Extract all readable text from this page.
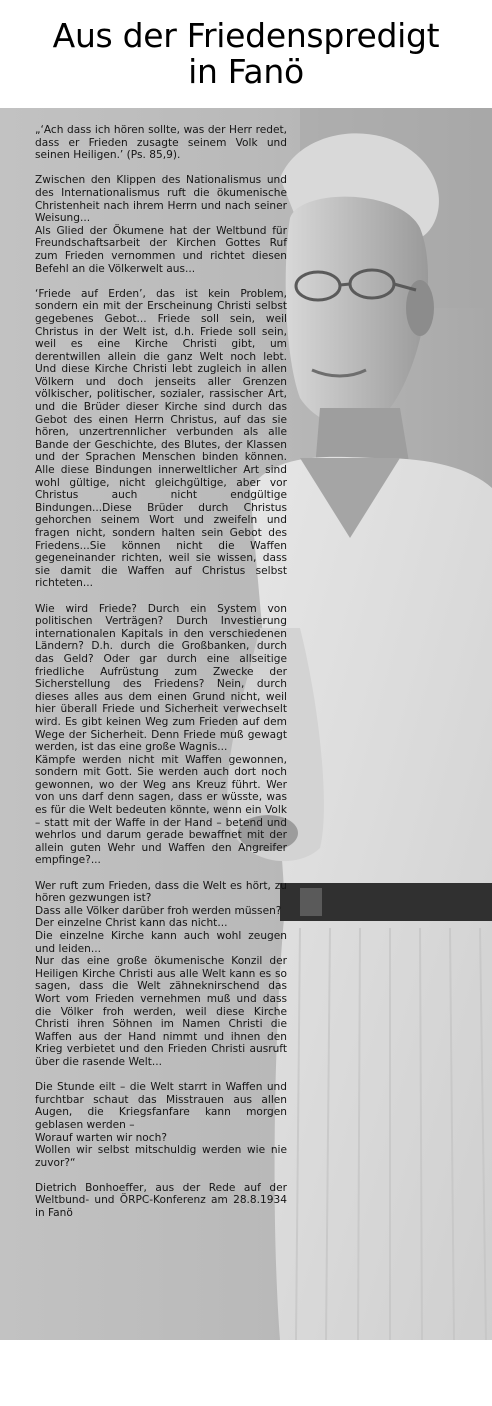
Aus der Friedenspredigt
in Fanö

„‘Ach dass ich hören sollte, was der Herr redet, dass er Frieden zusagte seinem Volk und seinen Heiligen.’ (Ps. 85,9).

Zwischen den Klippen des Nationalismus und des Internationalismus ruft die ökumenische Christenheit nach ihrem Herrn und nach seiner Weisung...
Als Glied der Ökumene hat der Weltbund für Freundschaftsarbeit der Kirchen Gottes Ruf zum Frieden vernommen und richtet diesen Befehl an die Völkerwelt aus...

‘Friede auf Erden’, das ist kein Problem, sondern ein mit der Erscheinung Christi selbst gegebenes Gebot... Friede soll sein, weil Christus in der Welt ist, d.h. Friede soll sein, weil es eine Kirche Christi gibt, um derentwillen allein die ganz Welt noch lebt. Und diese Kirche Christi lebt zugleich in allen Völkern und doch jenseits aller Grenzen völkischer, politischer, sozialer, rassischer Art, und die Brüder dieser Kirche sind durch das Gebot des einen Herrn Christus, auf das sie hören, unzertrennlicher verbunden als alle Bande der Geschichte, des Blutes, der Klassen und der Sprachen Menschen binden können. Alle diese Bindungen innerweltlicher Art sind wohl gültige, nicht gleichgültige, aber vor Christus auch nicht endgültige Bindungen...Diese Brüder durch Christus gehorchen seinem Wort und zweifeln und fragen nicht, sondern halten sein Gebot des Friedens...Sie können nicht die Waffen gegeneinander richten, weil sie wissen, dass sie damit die Waffen auf Christus selbst richteten...

Wie wird Friede? Durch ein System von politischen Verträgen? Durch Investierung internationalen Kapitals in den verschiedenen Ländern? D.h. durch die Großbanken, durch das Geld? Oder gar durch eine allseitige friedliche Aufrüstung zum Zwecke der Sicherstellung des Friedens? Nein, durch dieses alles aus dem einen Grund nicht, weil hier überall Friede und Sicherheit verwechselt wird. Es gibt keinen Weg zum Frieden auf dem Wege der Sicherheit. Denn Friede muß gewagt werden, ist das eine große Wagnis...
Kämpfe werden nicht mit Waffen gewonnen, sondern mit Gott. Sie werden auch dort noch gewonnen, wo der Weg ans Kreuz führt. Wer von uns darf denn sagen, dass er wüsste, was es für die Welt bedeuten könnte, wenn ein Volk – statt mit der Waffe in der Hand – betend und wehrlos und darum gerade bewaffnet mit der allein guten Wehr und Waffen den Angreifer empfinge?...

Wer ruft zum Frieden, dass die Welt es hört, zu hören gezwungen ist?
Dass alle Völker darüber froh werden müssen?
Der einzelne Christ kann das nicht...
Die einzelne Kirche kann auch wohl zeugen und leiden...
Nur das eine große ökumenische Konzil der Heiligen Kirche Christi aus alle Welt kann es so sagen, dass die Welt zähneknirschend das Wort vom Frieden vernehmen muß und dass die Völker froh werden, weil diese Kirche Christi ihren Söhnen im Namen Christi die Waffen aus der Hand nimmt und ihnen den Krieg verbietet und den Frieden Christi ausruft über die rasende Welt...

Die Stunde eilt – die Welt starrt in Waffen und furchtbar schaut das Misstrauen aus allen Augen, die Kriegsfanfare kann morgen geblasen werden –
Worauf warten wir noch?
Wollen wir selbst mitschuldig werden wie nie zuvor?“

Dietrich Bonhoeffer, aus der Rede auf der Weltbund- und ÖRPC-Konferenz am 28.8.1934 in Fanö
